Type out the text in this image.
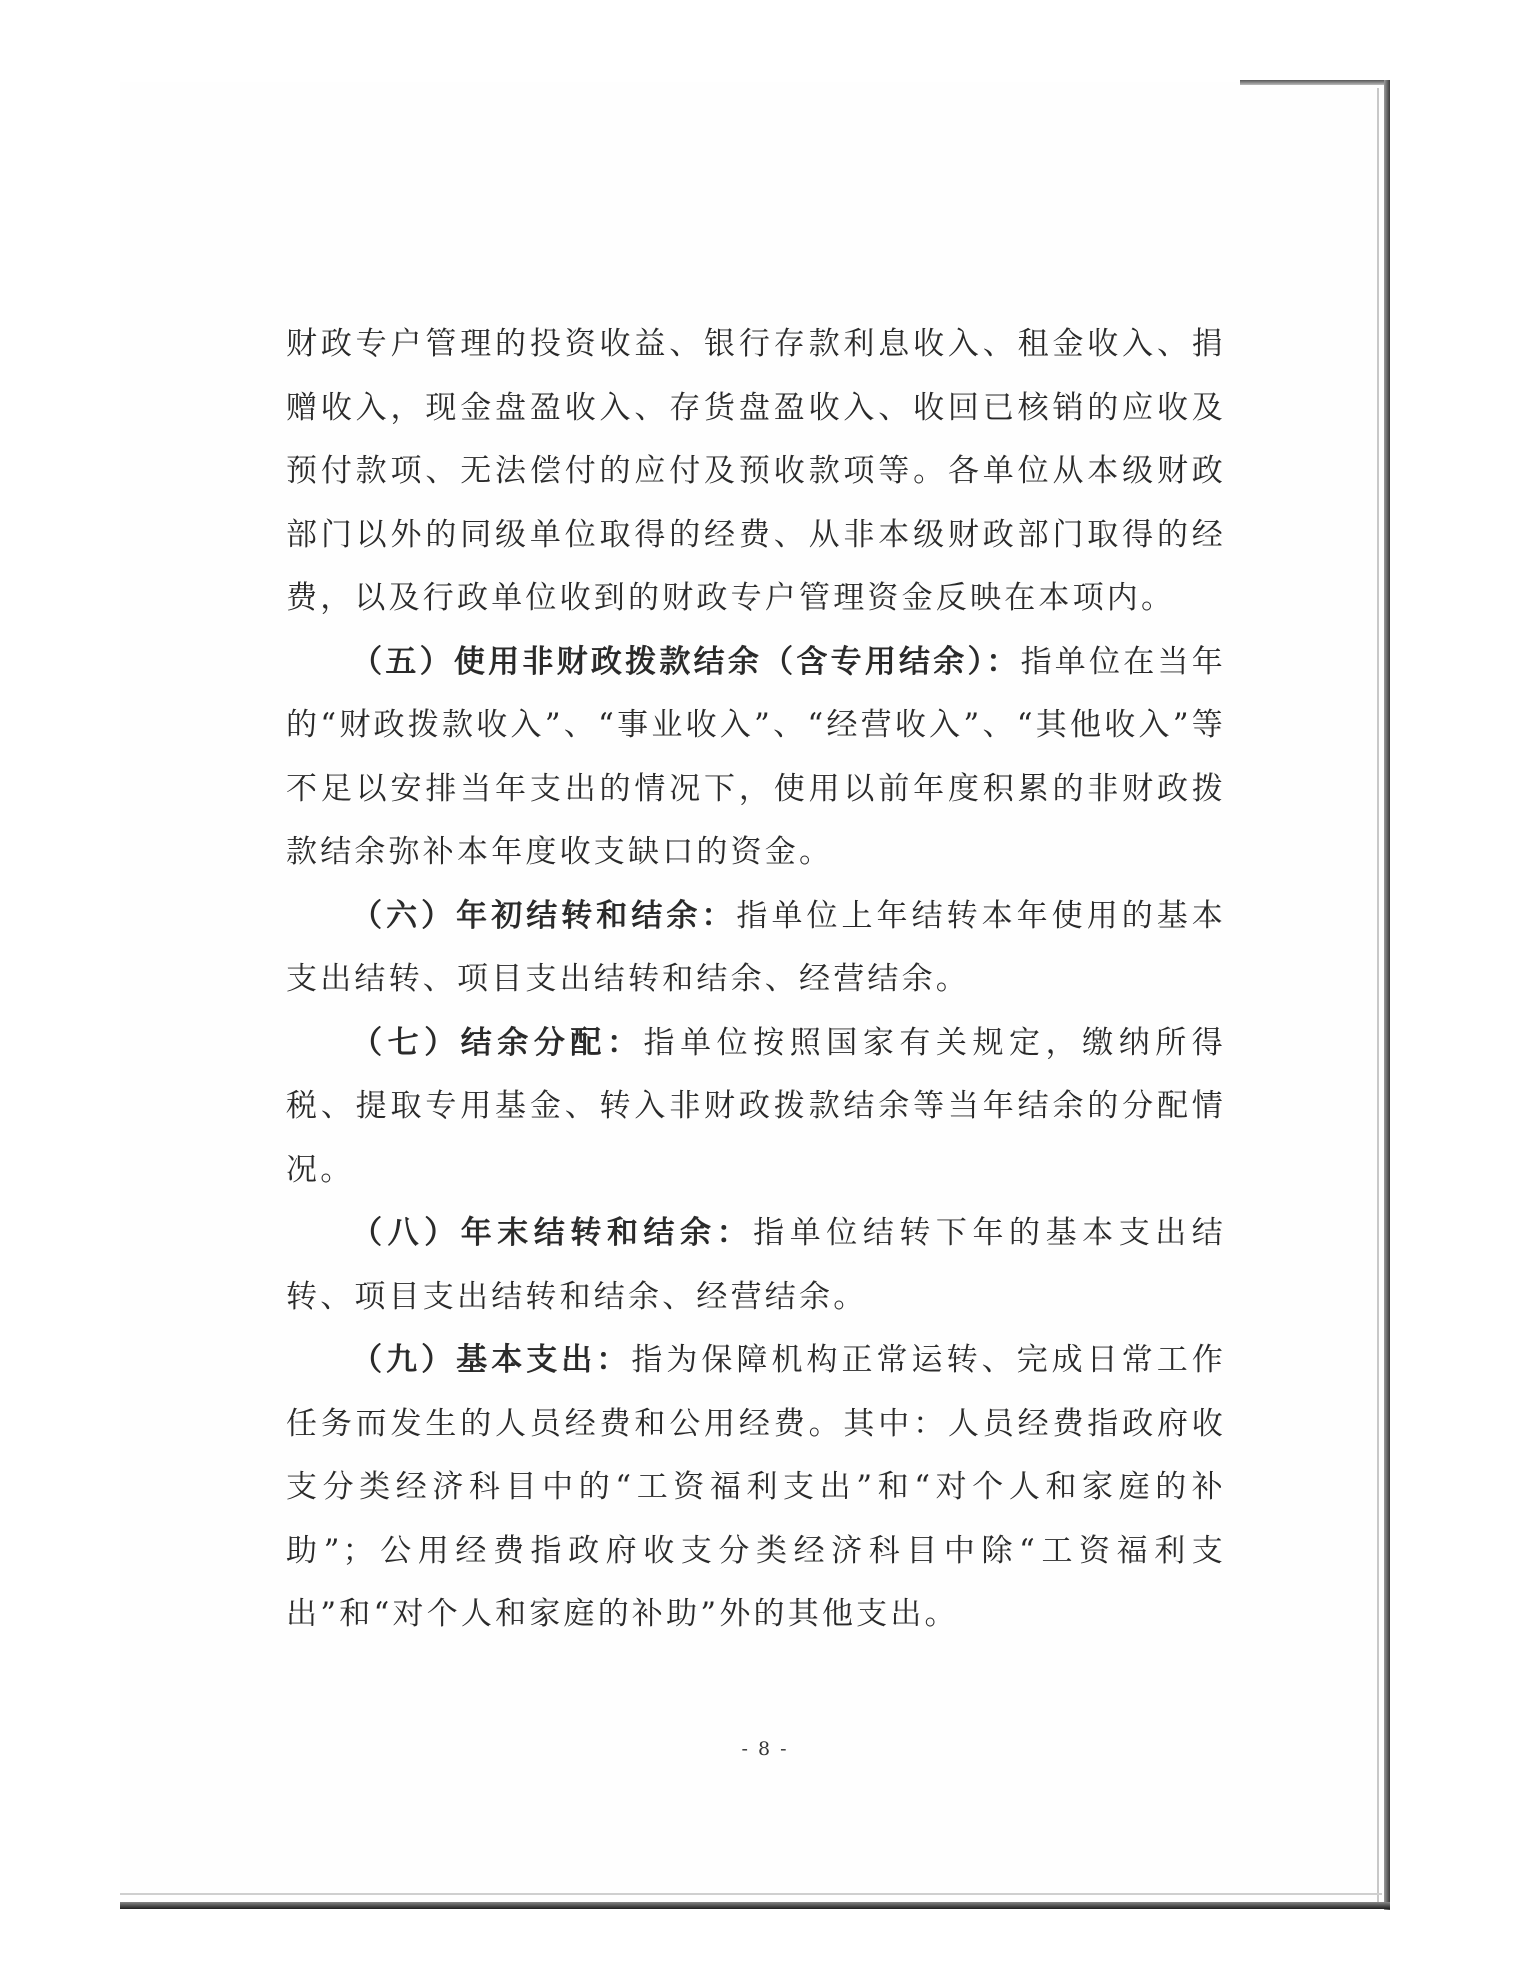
财政专户管理的投资收益、银行存款利息收入、租金收入、捐赠收入，现金盘盈收入、存货盘盈收入、收回已核销的应收及预付款项、无法偿付的应付及预收款项等。各单位从本级财政部门以外的同级单位取得的经费、从非本级财政部门取得的经费，以及行政单位收到的财政专户管理资金反映在本项内。

（五）使用非财政拨款结余（含专用结余）：指单位在当年的“财政拨款收入”、“事业收入”、“经营收入”、“其他收入”等不足以安排当年支出的情况下，使用以前年度积累的非财政拨款结余弥补本年度收支缺口的资金。

（六）年初结转和结余：指单位上年结转本年使用的基本支出结转、项目支出结转和结余、经营结余。

（七）结余分配：指单位按照国家有关规定，缴纳所得税、提取专用基金、转入非财政拨款结余等当年结余的分配情况。

（八）年末结转和结余：指单位结转下年的基本支出结转、项目支出结转和结余、经营结余。

（九）基本支出：指为保障机构正常运转、完成日常工作任务而发生的人员经费和公用经费。其中：人员经费指政府收支分类经济科目中的“工资福利支出”和“对个人和家庭的补助”；公用经费指政府收支分类经济科目中除“工资福利支出”和“对个人和家庭的补助”外的其他支出。

- 8 -
